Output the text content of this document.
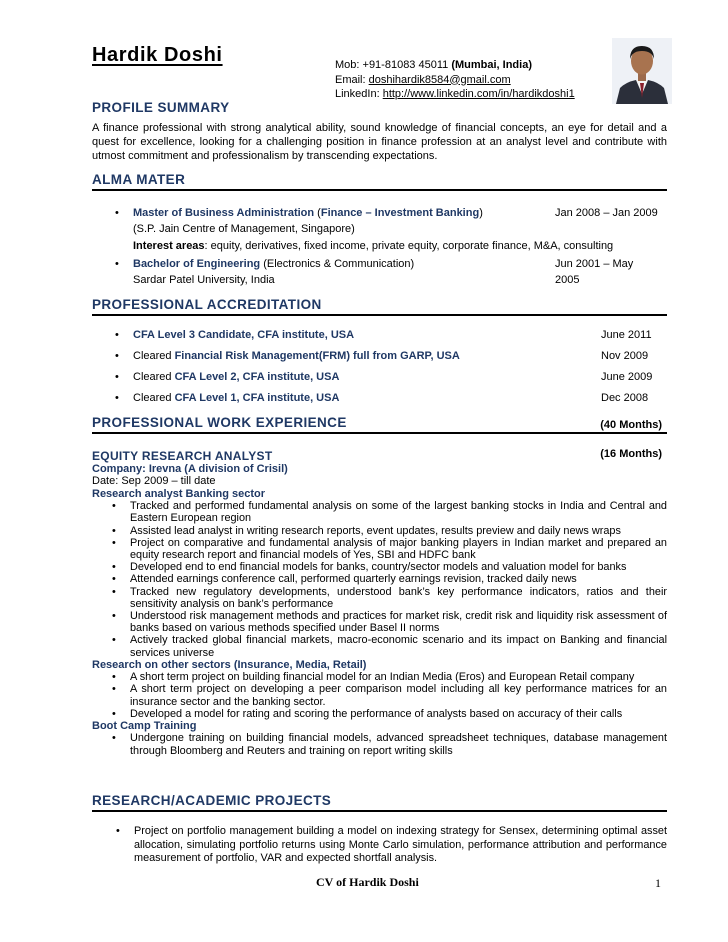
Hardik Doshi	Mob: +91-81083 45011 (Mumbai, India)
Email: doshihardik8584@gmail.com
LinkedIn: http://www.linkedin.com/in/hardikdoshi1
PROFILE SUMMARY
A finance professional with strong analytical ability, sound knowledge of financial concepts, an eye for detail and a quest for excellence, looking for a challenging position in finance profession at an analyst level and contribute with utmost commitment and professionalism by transcending expectations.
ALMA MATER
• Master of Business Administration (Finance – Investment Banking)	Jan 2008 – Jan 2009
(S.P. Jain Centre of Management, Singapore)
Interest areas: equity, derivatives, fixed income, private equity, corporate finance, M&A, consulting
• Bachelor of Engineering (Electronics & Communication)	Jun 2001 – May 2005
Sardar Patel University, India
PROFESSIONAL ACCREDITATION
• CFA Level 3 Candidate, CFA institute, USA	June 2011
• Cleared Financial Risk Management(FRM) full from GARP, USA	Nov 2009
• Cleared CFA Level 2, CFA institute, USA	June 2009
• Cleared CFA Level 1, CFA institute, USA	Dec 2008
PROFESSIONAL WORK EXPERIENCE	(40 Months)
EQUITY RESEARCH ANALYST	(16 Months)
Company: Irevna (A division of Crisil)
Date: Sep 2009 – till date
Research analyst Banking sector
• Tracked and performed fundamental analysis on some of the largest banking stocks in India and Central and Eastern European region
• Assisted lead analyst in writing research reports, event updates, results preview and daily news wraps
• Project on comparative and fundamental analysis of major banking players in Indian market and prepared an equity research report and financial models of Yes, SBI and HDFC bank
• Developed end to end financial models for banks, country/sector models and valuation model for banks
• Attended earnings conference call, performed quarterly earnings revision, tracked daily news
• Tracked new regulatory developments, understood bank’s key performance indicators, ratios and their sensitivity analysis on bank’s performance
• Understood risk management methods and practices for market risk, credit risk and liquidity risk assessment of banks based on various methods specified under Basel II norms
• Actively tracked global financial markets, macro-economic scenario and its impact on Banking and financial services universe
Research on other sectors (Insurance, Media, Retail)
• A short term project on building financial model for an Indian Media (Eros) and European Retail company
• A short term project on developing a peer comparison model including all key performance matrices for an insurance sector and the banking sector.
• Developed a model for rating and scoring the performance of analysts based on accuracy of their calls
Boot Camp Training
• Undergone training on building financial models, advanced spreadsheet techniques, database management through Bloomberg and Reuters and training on report writing skills
RESEARCH/ACADEMIC PROJECTS
• Project on portfolio management building a model on indexing strategy for Sensex, determining optimal asset allocation, simulating portfolio returns using Monte Carlo simulation, performance attribution and performance measurement of portfolio, VAR and expected shortfall analysis.
CV of Hardik Doshi	1
